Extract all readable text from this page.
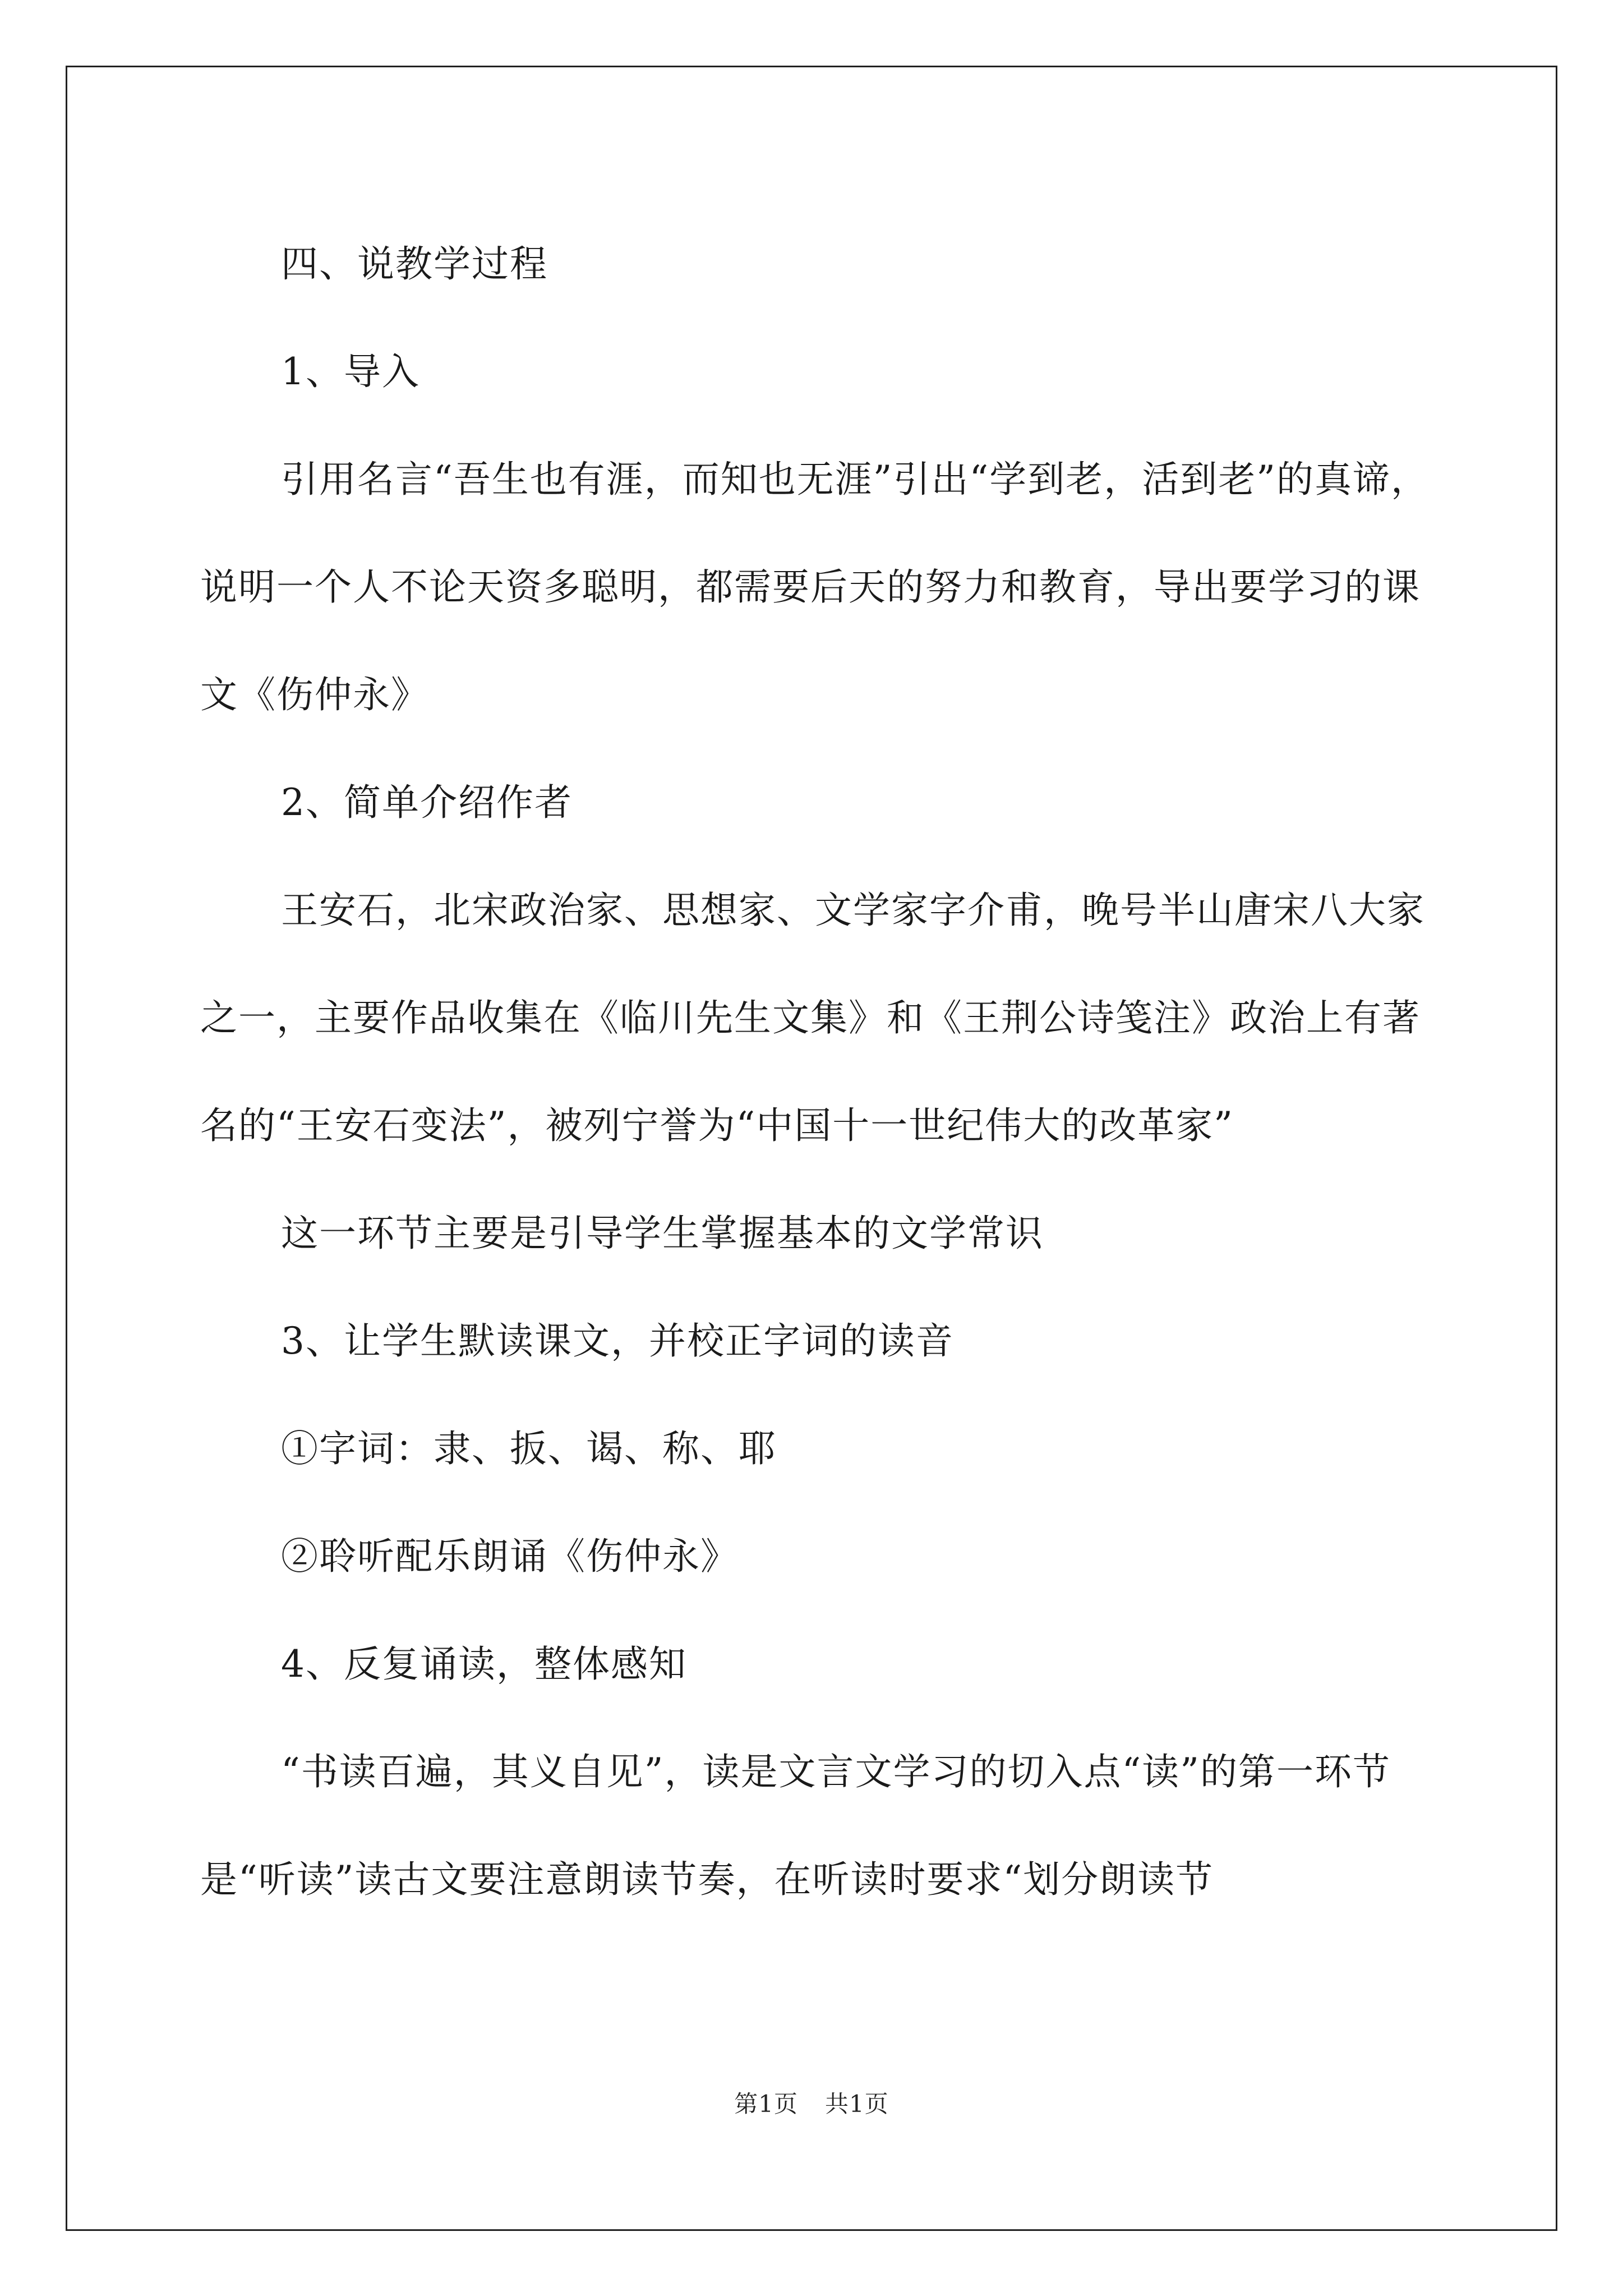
四、说教学过程

1、导入

引用名言“吾生也有涯，而知也无涯”引出“学到老，活到老”的真谛，说明一个人不论天资多聪明，都需要后天的努力和教育，导出要学习的课文《伤仲永》

2、简单介绍作者

王安石，北宋政治家、思想家、文学家字介甫，晚号半山唐宋八大家之一，主要作品收集在《临川先生文集》和《王荆公诗笺注》政治上有著名的“王安石变法”，被列宁誉为“中国十一世纪伟大的改革家”

这一环节主要是引导学生掌握基本的文学常识

3、让学生默读课文，并校正字词的读音

①字词：隶、扳、谒、称、耶

②聆听配乐朗诵《伤仲永》

4、反复诵读，整体感知

“书读百遍，其义自见”，读是文言文学习的切入点“读”的第一环节是“听读”读古文要注意朗读节奏，在听读时要求“划分朗读节

第1页 共1页
